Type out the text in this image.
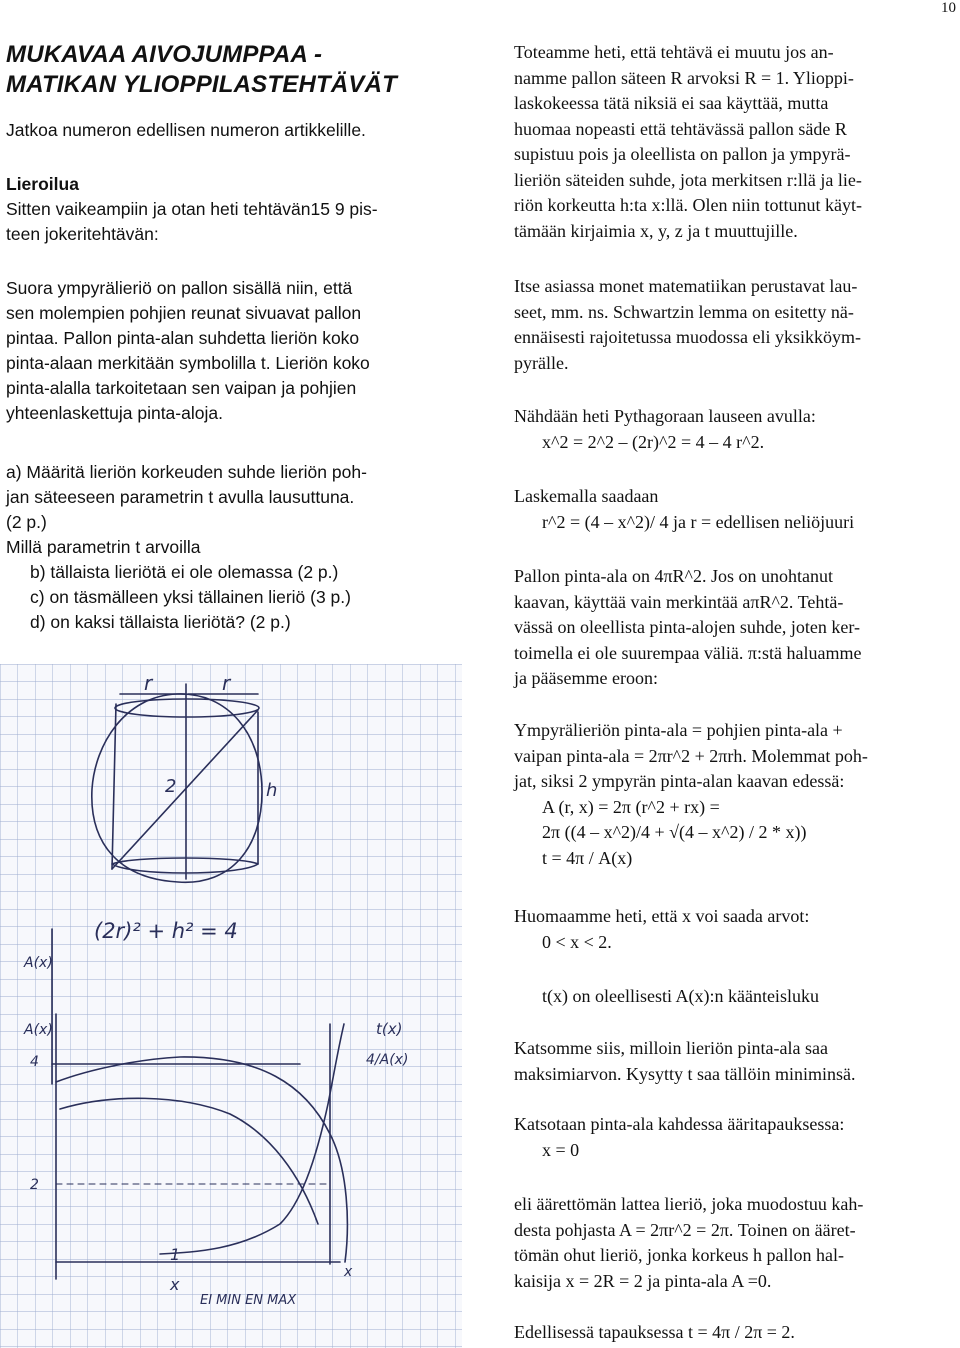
10
MUKAVAA AIVOJUMPPAA -
MATIKAN YLIOPPILASTEHTÄVÄT

Jatkoa numeron edellisen numeron artikkelille.

Lieroilua
Sitten vaikeampiin ja otan heti tehtävän15 9 pis-
teen jokeritehtävän:
Suora ympyrälieriö on pallon sisällä niin, että
sen molempien pohjien reunat sivuavat pallon
pintaa. Pallon pinta-alan suhdetta lieriön koko
pinta-alaan merkitään symbolilla t. Lieriön koko
pinta-alalla tarkoitetaan sen vaipan ja pohjien
yhteenlaskettuja pinta-aloja.
a) Määritä lieriön korkeuden suhde lieriön poh-
jan säteeseen parametrin t avulla lausuttuna.
(2 p.)
Millä parametrin t arvoilla
b) tällaista lieriötä ei ole olemassa (2 p.)
c) on täsmälleen yksi tällainen lieriö (3 p.)
d) on kaksi tällaista lieriötä? (2 p.)
r	r
2	h
(2r)² + h² = 4
A(x)
A(x)
4
2
t(x)
4/A(x)
1
x
x
EI MIN EN MAX
Toteamme heti, että tehtävä ei muutu jos an-
namme pallon säteen R arvoksi R = 1. Ylioppi-
laskokeessa tätä niksiä ei saa käyttää, mutta
huomaa nopeasti että tehtävässä pallon säde R
supistuu pois ja oleellista on pallon ja ympyrä-
lieriön säteiden suhde, jota merkitsen r:llä ja lie-
riön korkeutta h:ta x:llä. Olen niin tottunut käyt-
tämään kirjaimia x, y, z ja t muuttujille.
Itse asiassa monet matematiikan perustavat lau-
seet, mm. ns. Schwartzin lemma on esitetty nä-
ennäisesti rajoitetussa muodossa eli yksikköym-
pyrälle.
Nähdään heti Pythagoraan lauseen avulla:
x^2 = 2^2 – (2r)^2 = 4 – 4 r^2.
Laskemalla saadaan
r^2 = (4 – x^2)/ 4 ja r = edellisen neliöjuuri
Pallon pinta-ala on 4πR^2. Jos on unohtanut
kaavan, käyttää vain merkintää aπR^2. Tehtä-
vässä on oleellista pinta-alojen suhde, joten ker-
toimella ei ole suurempaa väliä. π:stä haluamme
ja pääsemme eroon:
Ympyrälieriön pinta-ala = pohjien pinta-ala +
vaipan pinta-ala = 2πr^2 + 2πrh. Molemmat poh-
jat, siksi 2 ympyrän pinta-alan kaavan edessä:
A (r, x) = 2π (r^2 + rx) =
2π ((4 – x^2)/4 + √(4 – x^2) / 2 * x))
t = 4π / A(x)
Huomaamme heti, että x voi saada arvot:
0 < x < 2.

t(x) on oleellisesti A(x):n käänteisluku

Katsomme siis, milloin lieriön pinta-ala saa
maksimiarvon. Kysytty t saa tällöin miniminsä.
Katsotaan pinta-ala kahdessa ääritapauksessa:
x = 0
eli äärettömän lattea lieriö, joka muodostuu kah-
desta pohjasta A = 2πr^2 = 2π. Toinen on ääret-
tömän ohut lieriö, jonka korkeus h pallon hal-
kaisija x = 2R = 2 ja pinta-ala A =0.

Edellisessä tapauksessa t = 4π / 2π = 2.
